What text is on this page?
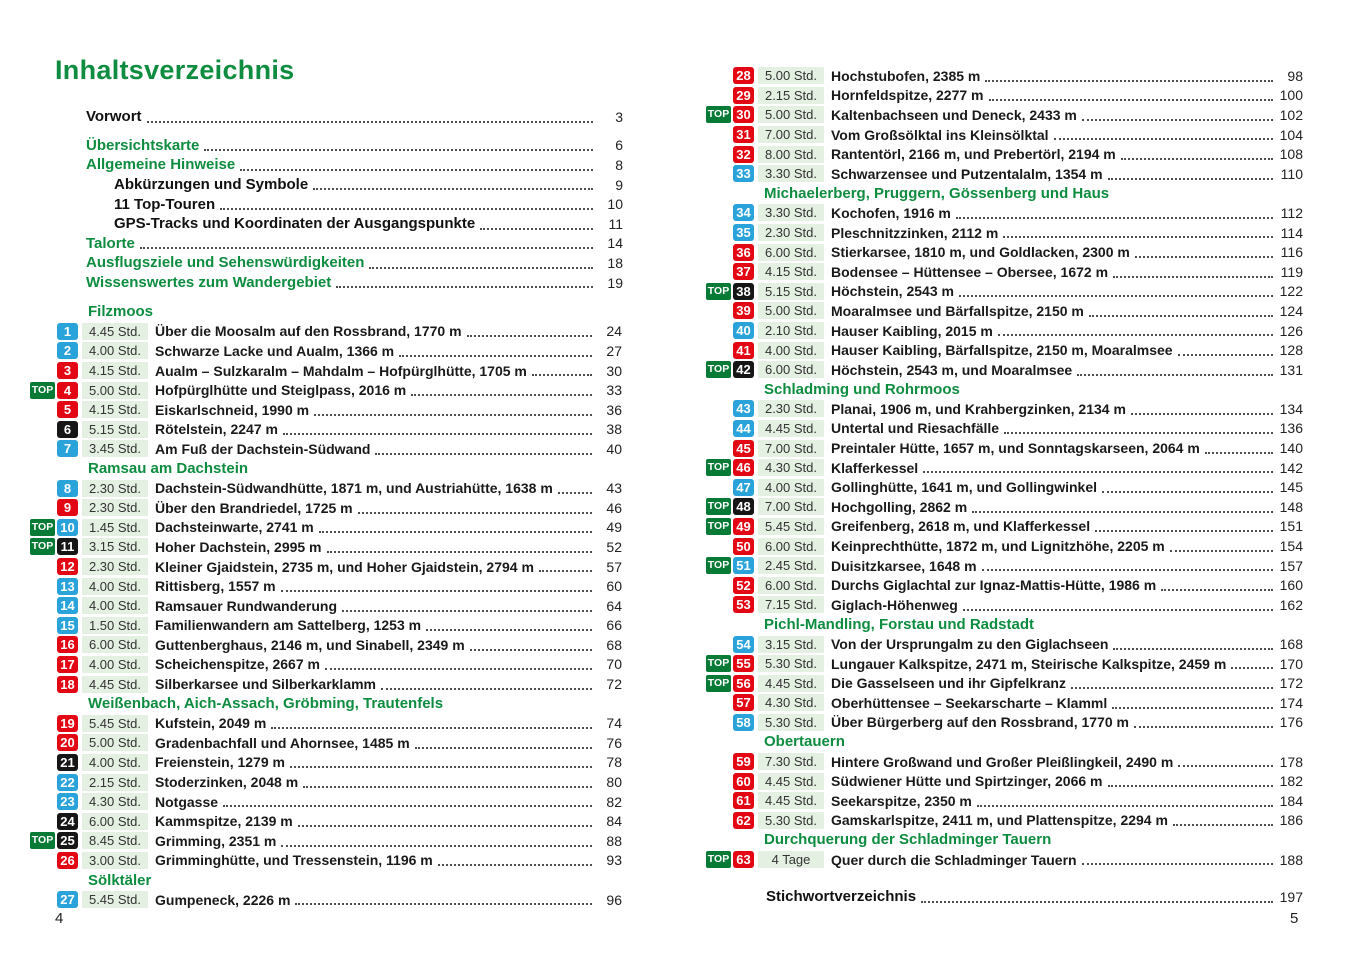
Inhaltsverzeichnis
Vorwort	3
Übersichtskarte	6
Allgemeine Hinweise	8
Abkürzungen und Symbole	9
11 Top-Touren	10
GPS-Tracks und Koordinaten der Ausgangspunkte	11
Talorte	14
Ausflugsziele und Sehenswürdigkeiten	18
Wissenswertes zum Wandergebiet	19
Filzmoos
1	4.45 Std. Über die Moosalm auf den Rossbrand, 1770 m	24
2	4.00 Std. Schwarze Lacke und Aualm, 1366 m	27
3	4.15 Std. Aualm – Sulzkaralm – Mahdalm – Hofpürglhütte, 1705 m	30
TOP 4	5.00 Std. Hofpürglhütte und Steiglpass, 2016 m	33
5	4.15 Std. Eiskarlschneid, 1990 m	36
6	5.15 Std. Rötelstein, 2247 m	38
7	3.45 Std. Am Fuß der Dachstein-Südwand	40
Ramsau am Dachstein
8	2.30 Std. Dachstein-Südwandhütte, 1871 m, und Austriahütte, 1638 m	43
9	2.30 Std. Über den Brandriedel, 1725 m	46
TOP 10	1.45 Std. Dachsteinwarte, 2741 m	49
TOP 11	3.15 Std. Hoher Dachstein, 2995 m	52
12	2.30 Std. Kleiner Gjaidstein, 2735 m, und Hoher Gjaidstein, 2794 m	57
13	4.00 Std. Rittisberg, 1557 m	60
14	4.00 Std. Ramsauer Rundwanderung	64
15	1.50 Std. Familienwandern am Sattelberg, 1253 m	66
16	6.00 Std. Guttenberghaus, 2146 m, und Sinabell, 2349 m	68
17	4.00 Std. Scheichenspitze, 2667 m	70
18	4.45 Std. Silberkarsee und Silberkarklamm	72
Weißenbach, Aich-Assach, Gröbming, Trautenfels
19	5.45 Std. Kufstein, 2049 m	74
20	5.00 Std. Gradenbachfall und Ahornsee, 1485 m	76
21	4.00 Std. Freienstein, 1279 m	78
22	2.15 Std. Stoderzinken, 2048 m	80
23	4.30 Std. Notgasse	82
24	6.00 Std. Kammspitze, 2139 m	84
TOP 25	8.45 Std. Grimming, 2351 m	88
26	3.00 Std. Grimminghütte, und Tressenstein, 1196 m	93
Sölktäler
27	5.45 Std. Gumpeneck, 2226 m	96
28	5.00 Std. Hochstubofen, 2385 m	98
29	2.15 Std. Hornfeldspitze, 2277 m	100
TOP 30	5.00 Std. Kaltenbachseen und Deneck, 2433 m	102
31	7.00 Std. Vom Großsölktal ins Kleinsölktal	104
32	8.00 Std. Rantentörl, 2166 m, und Prebertörl, 2194 m	108
33	3.30 Std. Schwarzensee und Putzentalalm, 1354 m	110
Michaelerberg, Pruggern, Gössenberg und Haus
34	3.30 Std. Kochofen, 1916 m	112
35	2.30 Std. Pleschnitzzinken, 2112 m	114
36	6.00 Std. Stierkarsee, 1810 m, und Goldlacken, 2300 m	116
37	4.15 Std. Bodensee – Hüttensee – Obersee, 1672 m	119
TOP 38	5.15 Std. Höchstein, 2543 m	122
39	5.00 Std. Moaralmsee und Bärfallspitze, 2150 m	124
40	2.10 Std. Hauser Kaibling, 2015 m	126
41	4.00 Std. Hauser Kaibling, Bärfallspitze, 2150 m, Moaralmsee	128
TOP 42	6.00 Std. Höchstein, 2543 m, und Moaralmsee	131
Schladming und Rohrmoos
43	2.30 Std. Planai, 1906 m, und Krahbergzinken, 2134 m	134
44	4.45 Std. Untertal und Riesachfälle	136
45	7.00 Std. Preintaler Hütte, 1657 m, und Sonntagskarseen, 2064 m	140
TOP 46	4.30 Std. Klafferkessel	142
47	4.00 Std. Gollinghütte, 1641 m, und Gollingwinkel	145
TOP 48	7.00 Std. Hochgolling, 2862 m	148
TOP 49	5.45 Std. Greifenberg, 2618 m, und Klafferkessel	151
50	6.00 Std. Keinprechthütte, 1872 m, und Lignitzhöhe, 2205 m	154
TOP 51	2.45 Std. Duisitzkarsee, 1648 m	157
52	6.00 Std. Durchs Giglachtal zur Ignaz-Mattis-Hütte, 1986 m	160
53	7.15 Std. Giglach-Höhenweg	162
Pichl-Mandling, Forstau und Radstadt
54	3.15 Std. Von der Ursprungalm zu den Giglachseen	168
TOP 55	5.30 Std. Lungauer Kalkspitze, 2471 m, Steirische Kalkspitze, 2459 m	170
TOP 56	4.45 Std. Die Gasselseen und ihr Gipfelkranz	172
57	4.30 Std. Oberhüttensee – Seekarscharte – Klamml	174
58	5.30 Std. Über Bürgerberg auf den Rossbrand, 1770 m	176
Obertauern
59	7.30 Std. Hintere Großwand und Großer Pleißlingkeil, 2490 m	178
60	4.45 Std. Südwiener Hütte und Spirtzinger, 2066 m	182
61	4.45 Std. Seekarspitze, 2350 m	184
62	5.30 Std. Gamskarlspitze, 2411 m, und Plattenspitze, 2294 m	186
Durchquerung der Schladminger Tauern
TOP 63	4 Tage	Quer durch die Schladminger Tauern	188
Stichwortverzeichnis	197
4	5
